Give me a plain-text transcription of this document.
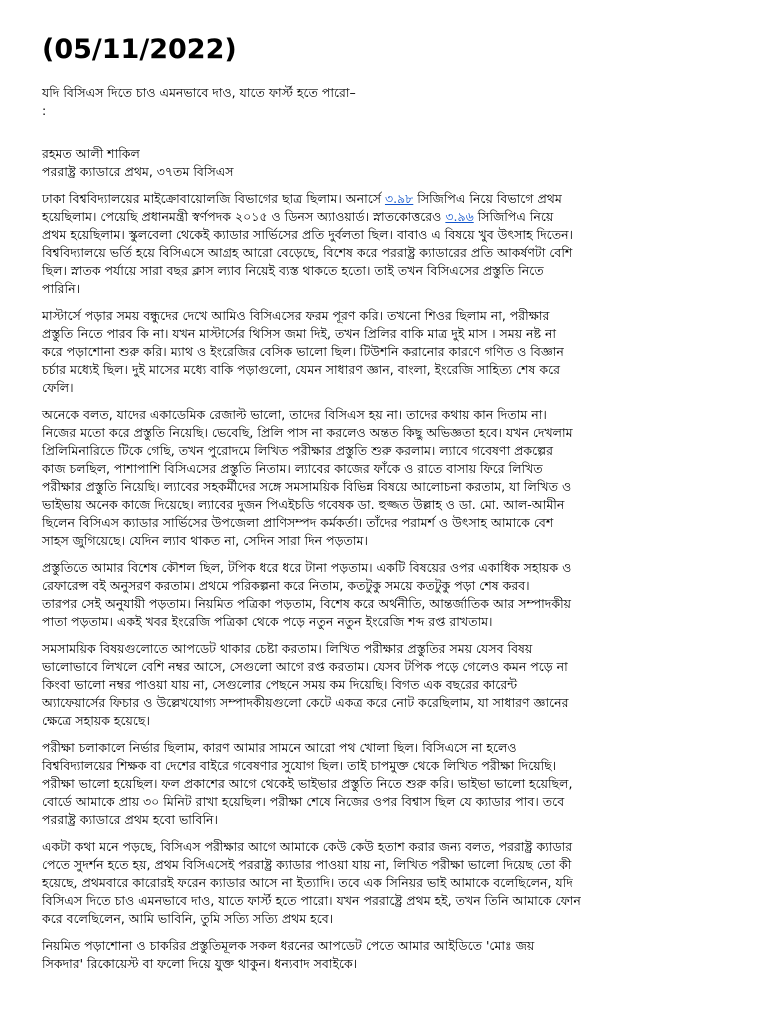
(05/11/2022)
যদি বিসিএস দিতে চাও এমনভাবে দাও, যাতে ফার্স্ট হতে পারো–
:
রহমত আলী শাকিল
পররাষ্ট্র ক্যাডারে প্রথম, ৩৭তম বিসিএস
ঢাকা বিশ্ববিদ্যালয়ের মাইক্রোবায়োলজি বিভাগের ছাত্র ছিলাম। অনার্সে ৩.৯৮ সিজিপিএ নিয়ে বিভাগে প্রথম
হয়েছিলাম। পেয়েছি প্রধানমন্ত্রী স্বর্ণপদক ২০১৫ ও ডিনস অ্যাওয়ার্ড। স্নাতকোত্তরেও ৩.৯৬ সিজিপিএ নিয়ে
প্রথম হয়েছিলাম। স্কুলবেলা থেকেই ক্যাডার সার্ভিসের প্রতি দুর্বলতা ছিল। বাবাও এ বিষয়ে খুব উৎসাহ দিতেন।
বিশ্ববিদ্যালয়ে ভর্তি হয়ে বিসিএসে আগ্রহ আরো বেড়েছে, বিশেষ করে পররাষ্ট্র ক্যাডারের প্রতি আকর্ষণটা বেশি
ছিল। স্নাতক পর্যায়ে সারা বছর ক্লাস ল্যাব নিয়েই ব্যস্ত থাকতে হতো। তাই তখন বিসিএসের প্রস্তুতি নিতে
পারিনি।
মাস্টার্সে পড়ার সময় বন্ধুদের দেখে আমিও বিসিএসের ফরম পূরণ করি। তখনো শিওর ছিলাম না, পরীক্ষার
প্রস্তুতি নিতে পারব কি না। যখন মাস্টার্সের থিসিস জমা দিই, তখন প্রিলির বাকি মাত্র দুই মাস । সময় নষ্ট না
করে পড়াশোনা শুরু করি। ম্যাথ ও ইংরেজির বেসিক ভালো ছিল। টিউশনি করানোর কারণে গণিত ও বিজ্ঞান
চর্চার মধ্যেই ছিল। দুই মাসের মধ্যে বাকি পড়াগুলো, যেমন সাধারণ জ্ঞান, বাংলা, ইংরেজি সাহিত্য শেষ করে
ফেলি।
অনেকে বলত, যাদের একাডেমিক রেজাল্ট ভালো, তাদের বিসিএস হয় না। তাদের কথায় কান দিতাম না।
নিজের মতো করে প্রস্তুতি নিয়েছি। ভেবেছি, প্রিলি পাস না করলেও অন্তত কিছু অভিজ্ঞতা হবে। যখন দেখলাম
প্রিলিমিনারিতে টিকে গেছি, তখন পুরোদমে লিখিত পরীক্ষার প্রস্তুতি শুরু করলাম। ল্যাবে গবেষণা প্রকল্পের
কাজ চলছিল, পাশাপাশি বিসিএসের প্রস্তুতি নিতাম। ল্যাবের কাজের ফাঁকে ও রাতে বাসায় ফিরে লিখিত
পরীক্ষার প্রস্তুতি নিয়েছি। ল্যাবের সহকর্মীদের সঙ্গে সমসাময়িক বিভিন্ন বিষয়ে আলোচনা করতাম, যা লিখিত ও
ভাইভায় অনেক কাজে দিয়েছে। ল্যাবের দুজন পিএইচডি গবেষক ডা. হুজ্জত উল্লাহ ও ডা. মো. আল-আমীন
ছিলেন বিসিএস ক্যাডার সার্ভিসের উপজেলা প্রাণিসম্পদ কর্মকর্তা। তাঁদের পরামর্শ ও উৎসাহ আমাকে বেশ
সাহস জুগিয়েছে। যেদিন ল্যাব থাকত না, সেদিন সারা দিন পড়তাম।
প্রস্তুতিতে আমার বিশেষ কৌশল ছিল, টপিক ধরে ধরে টানা পড়তাম। একটি বিষয়ের ওপর একাধিক সহায়ক ও
রেফারেন্স বই অনুসরণ করতাম। প্রথমে পরিকল্পনা করে নিতাম, কতটুকু সময়ে কতটুকু পড়া শেষ করব।
তারপর সেই অনুযায়ী পড়তাম। নিয়মিত পত্রিকা পড়তাম, বিশেষ করে অর্থনীতি, আন্তর্জাতিক আর সম্পাদকীয়
পাতা পড়তাম। একই খবর ইংরেজি পত্রিকা থেকে পড়ে নতুন নতুন ইংরেজি শব্দ রপ্ত রাখতাম।
সমসাময়িক বিষয়গুলোতে আপডেট থাকার চেষ্টা করতাম। লিখিত পরীক্ষার প্রস্তুতির সময় যেসব বিষয়
ভালোভাবে লিখলে বেশি নম্বর আসে, সেগুলো আগে রপ্ত করতাম। যেসব টপিক পড়ে গেলেও কমন পড়ে না
কিংবা ভালো নম্বর পাওয়া যায় না, সেগুলোর পেছনে সময় কম দিয়েছি। বিগত এক বছরের কারেন্ট
অ্যাফেয়ার্সের ফিচার ও উল্লেখযোগ্য সম্পাদকীয়গুলো কেটে একত্র করে নোট করেছিলাম, যা সাধারণ জ্ঞানের
ক্ষেত্রে সহায়ক হয়েছে।
পরীক্ষা চলাকালে নির্ভার ছিলাম, কারণ আমার সামনে আরো পথ খোলা ছিল। বিসিএসে না হলেও
বিশ্ববিদ্যালয়ের শিক্ষক বা দেশের বাইরে গবেষণার সুযোগ ছিল। তাই চাপমুক্ত থেকে লিখিত পরীক্ষা দিয়েছি।
পরীক্ষা ভালো হয়েছিল। ফল প্রকাশের আগে থেকেই ভাইভার প্রস্তুতি নিতে শুরু করি। ভাইভা ভালো হয়েছিল,
বোর্ডে আমাকে প্রায় ৩০ মিনিট রাখা হয়েছিল। পরীক্ষা শেষে নিজের ওপর বিশ্বাস ছিল যে ক্যাডার পাব। তবে
পররাষ্ট্র ক্যাডারে প্রথম হবো ভাবিনি।
একটা কথা মনে পড়ছে, বিসিএস পরীক্ষার আগে আমাকে কেউ কেউ হতাশ করার জন্য বলত, পররাষ্ট্র ক্যাডার
পেতে সুদর্শন হতে হয়, প্রথম বিসিএসেই পররাষ্ট্র ক্যাডার পাওয়া যায় না, লিখিত পরীক্ষা ভালো দিয়েছ তো কী
হয়েছে, প্রথমবারে কারোরই ফরেন ক্যাডার আসে না ইত্যাদি। তবে এক সিনিয়র ভাই আমাকে বলেছিলেন, যদি
বিসিএস দিতে চাও এমনভাবে দাও, যাতে ফার্স্ট হতে পারো। যখন পররাষ্ট্রে প্রথম হই, তখন তিনি আমাকে ফোন
করে বলেছিলেন, আমি ভাবিনি, তুমি সত্যি সত্যি প্রথম হবে।
নিয়মিত পড়াশোনা ও চাকরির প্রস্তুতিমূলক সকল ধরনের আপডেট পেতে আমার আইডিতে 'মোঃ জয়
সিকদার' রিকোয়েস্ট বা ফলো দিয়ে যুক্ত থাকুন। ধন্যবাদ সবাইকে।
